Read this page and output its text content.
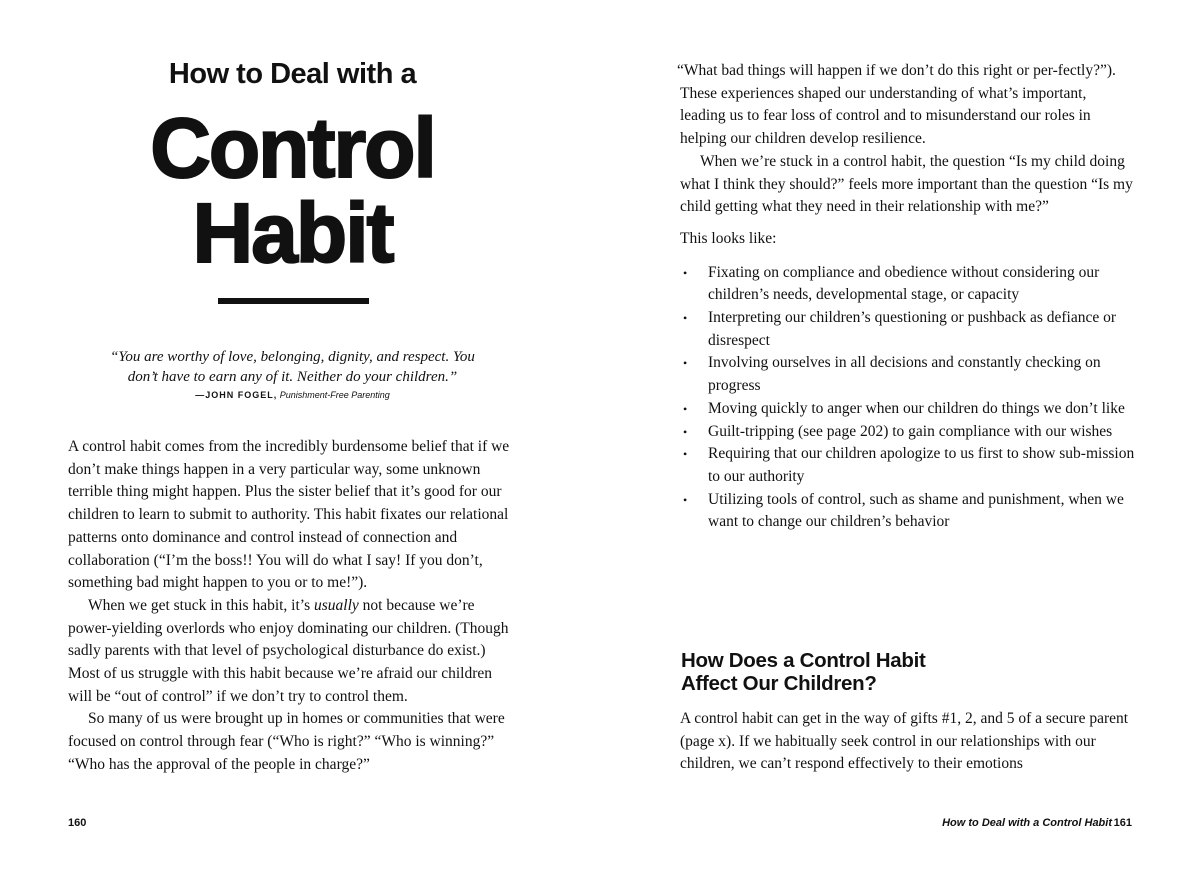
How to Deal with a
Control
Habit
“You are worthy of love, belonging, dignity, and respect. You
don’t have to earn any of it. Neither do your children.”
—JOHN FOGEL, Punishment-Free Parenting

A control habit comes from the incredibly burdensome belief that if we don’t make things happen in a very particular way, some unknown terrible thing might happen. Plus the sister belief that it’s good for our children to learn to submit to authority. This habit fixates our relational patterns onto dominance and control instead of connection and collaboration (“I’m the boss!! You will do what I say! If you don’t, something bad might happen to you or to me!”).

When we get stuck in this habit, it’s usually not because we’re power-yielding overlords who enjoy dominating our children. (Though sadly parents with that level of psychological disturbance do exist.) Most of us struggle with this habit because we’re afraid our children will be “out of control” if we don’t try to control them.

So many of us were brought up in homes or communities that were focused on control through fear (“Who is right?” “Who is winning?” “Who has the approval of the people in charge?”

160

“What bad things will happen if we don’t do this right or per-fectly?”). These experiences shaped our understanding of what’s important, leading us to fear loss of control and to misunderstand our roles in helping our children develop resilience.

When we’re stuck in a control habit, the question “Is my child doing what I think they should?” feels more important than the question “Is my child getting what they need in their relationship with me?”

This looks like:

• Fixating on compliance and obedience without considering our children’s needs, developmental stage, or capacity
• Interpreting our children’s questioning or pushback as defiance or disrespect
• Involving ourselves in all decisions and constantly checking on progress
• Moving quickly to anger when our children do things we don’t like
• Guilt-tripping (see page 202) to gain compliance with our wishes
• Requiring that our children apologize to us first to show sub-mission to our authority
• Utilizing tools of control, such as shame and punishment, when we want to change our children’s behavior
How Does a Control Habit
Affect Our Children?

A control habit can get in the way of gifts #1, 2, and 5 of a secure parent (page x). If we habitually seek control in our relationships with our children, we can’t respond effectively to their emotions

How to Deal with a Control Habit 161
